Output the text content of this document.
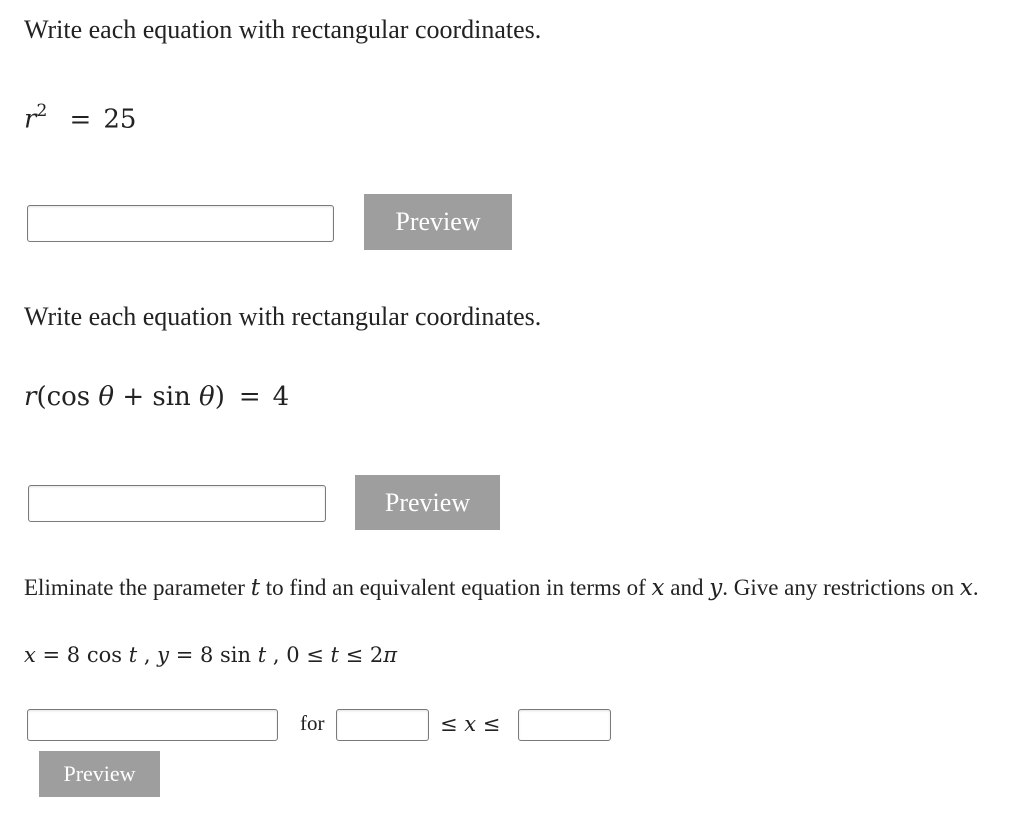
Write each equation with rectangular coordinates.
$r^2 = 25$
Preview
Write each equation with rectangular coordinates.
r(cos θ + sin θ) = 4
Preview
Eliminate the parameter t to find an equivalent equation in terms of x and y. Give any restrictions on x.
x = 8 cos t , y = 8 sin t , 0 ≤ t ≤ 2π
for	≤ x ≤
Preview
